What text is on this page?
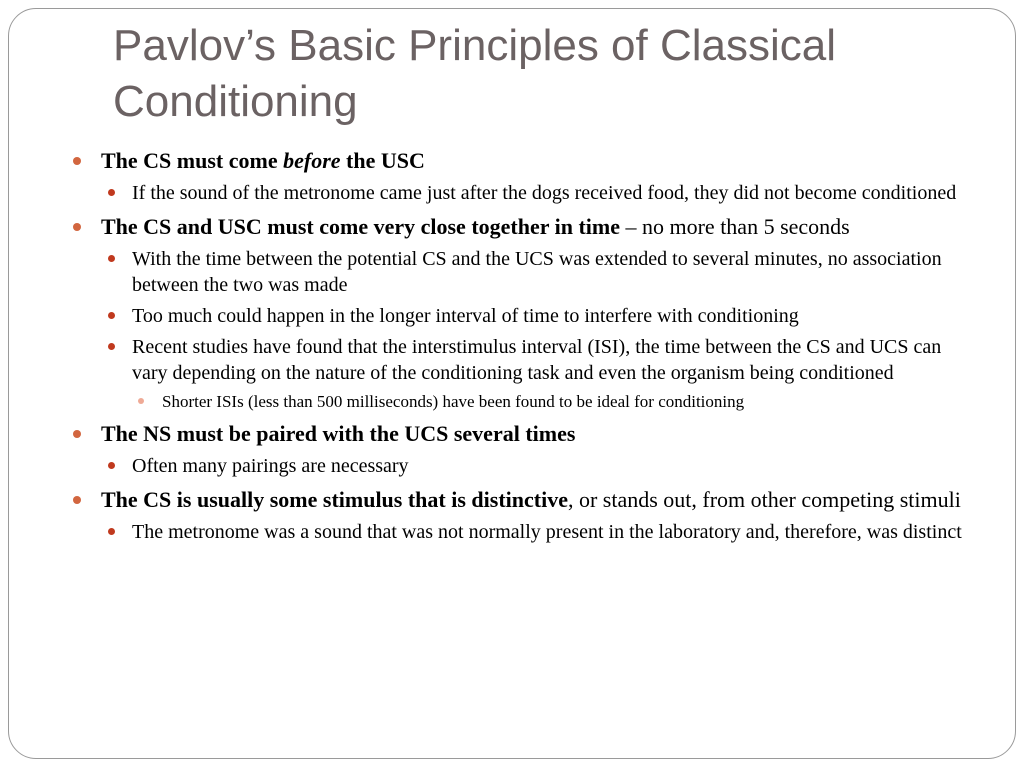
Pavlov’s Basic Principles of Classical Conditioning
The CS must come before the USC
If the sound of the metronome came just after the dogs received food, they did not become conditioned
The CS and USC must come very close together in time – no more than 5 seconds
With the time between the potential CS and the UCS was extended to several minutes, no association between the two was made
Too much could happen in the longer interval of time to interfere with conditioning
Recent studies have found that the interstimulus interval (ISI), the time between the CS and UCS can vary depending on the nature of the conditioning task and even the organism being conditioned
Shorter ISIs (less than 500 milliseconds) have been found to be ideal for conditioning
The NS must be paired with the UCS several times
Often many pairings are necessary
The CS is usually some stimulus that is distinctive, or stands out, from other competing stimuli
The metronome was a sound that was not normally present in the laboratory and, therefore, was distinct
